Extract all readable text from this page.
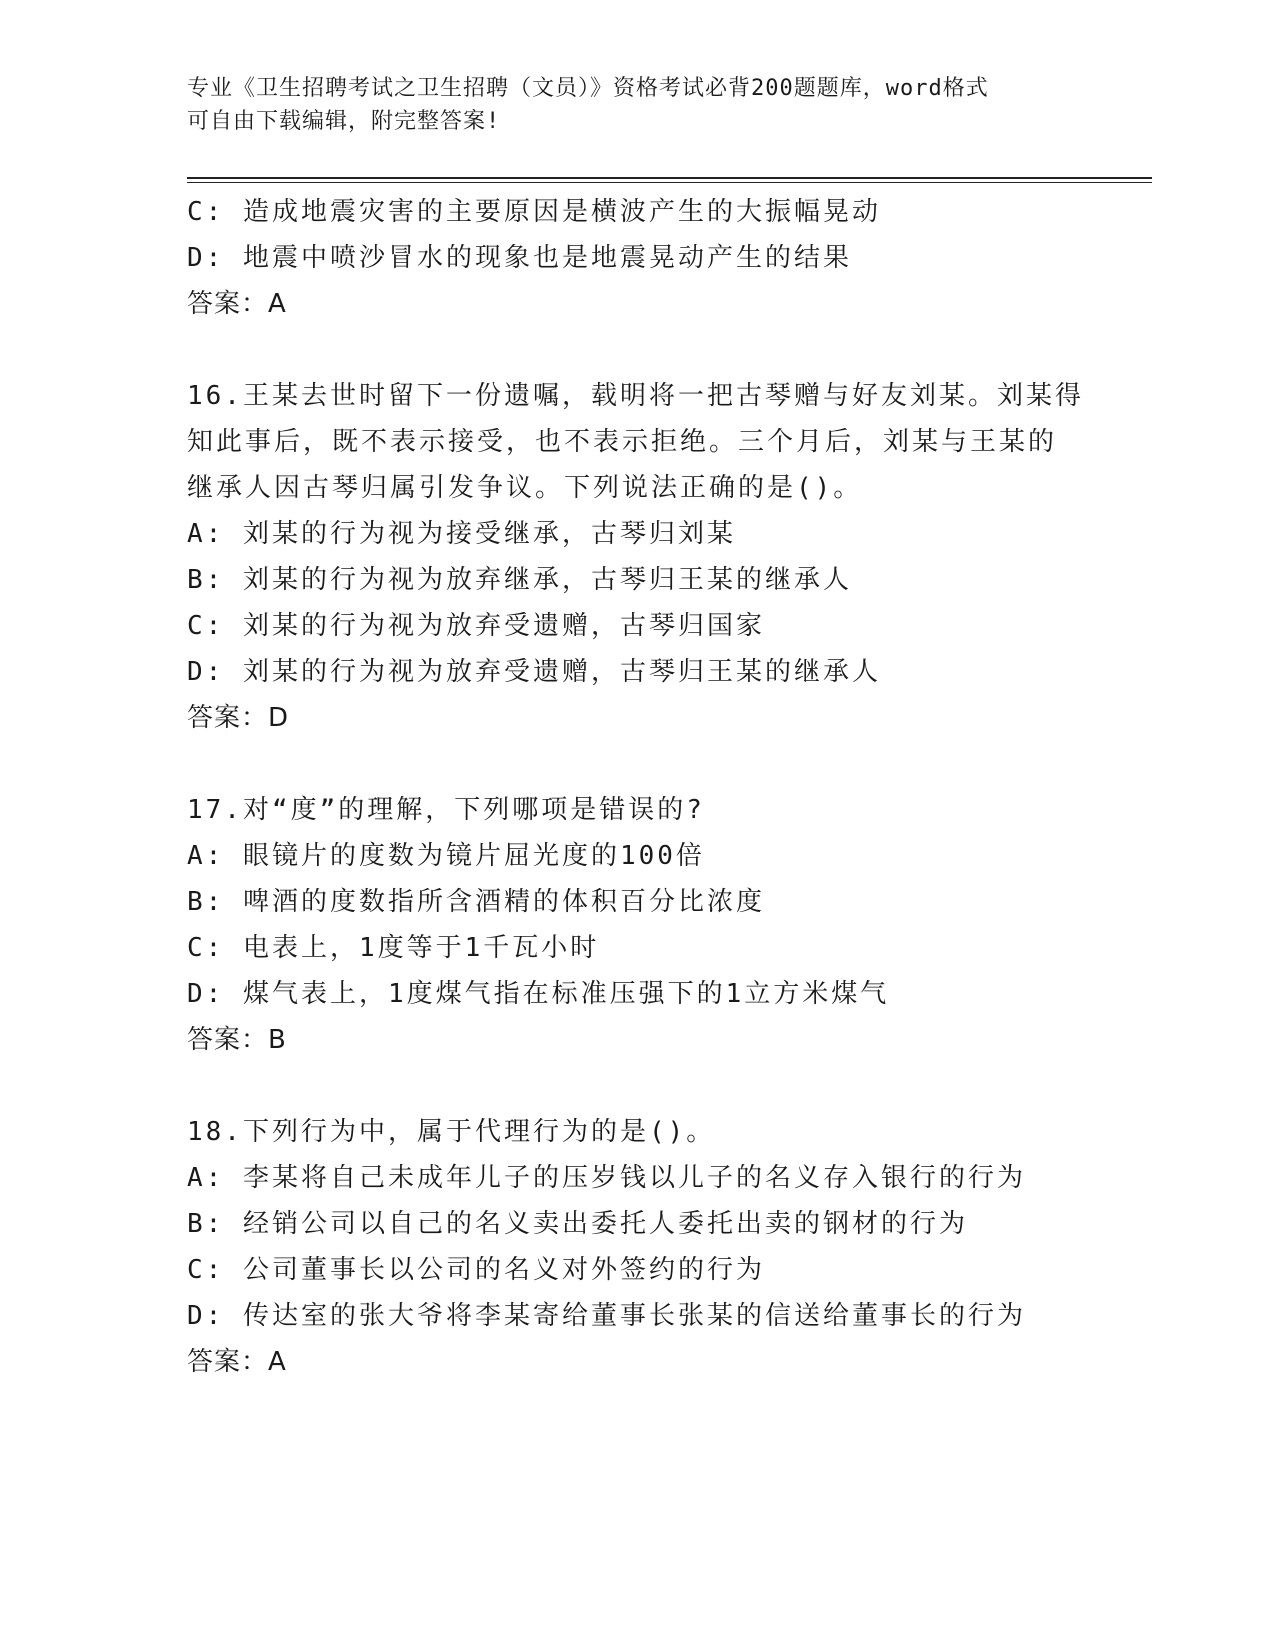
专业《卫生招聘考试之卫生招聘（文员）》资格考试必背200题题库，word格式
可自由下载编辑，附完整答案!
C: 造成地震灾害的主要原因是横波产生的大振幅晃动
D: 地震中喷沙冒水的现象也是地震晃动产生的结果
答案：A
16.王某去世时留下一份遗嘱，载明将一把古琴赠与好友刘某。刘某得
知此事后，既不表示接受，也不表示拒绝。三个月后，刘某与王某的
继承人因古琴归属引发争议。下列说法正确的是()。
A: 刘某的行为视为接受继承，古琴归刘某
B: 刘某的行为视为放弃继承，古琴归王某的继承人
C: 刘某的行为视为放弃受遗赠，古琴归国家
D: 刘某的行为视为放弃受遗赠，古琴归王某的继承人
答案：D
17.对“度”的理解，下列哪项是错误的?
A: 眼镜片的度数为镜片屈光度的100倍
B: 啤酒的度数指所含酒精的体积百分比浓度
C: 电表上，1度等于1千瓦小时
D: 煤气表上，1度煤气指在标准压强下的1立方米煤气
答案：B
18.下列行为中，属于代理行为的是()。
A: 李某将自己未成年儿子的压岁钱以儿子的名义存入银行的行为
B: 经销公司以自己的名义卖出委托人委托出卖的钢材的行为
C: 公司董事长以公司的名义对外签约的行为
D: 传达室的张大爷将李某寄给董事长张某的信送给董事长的行为
答案：A
